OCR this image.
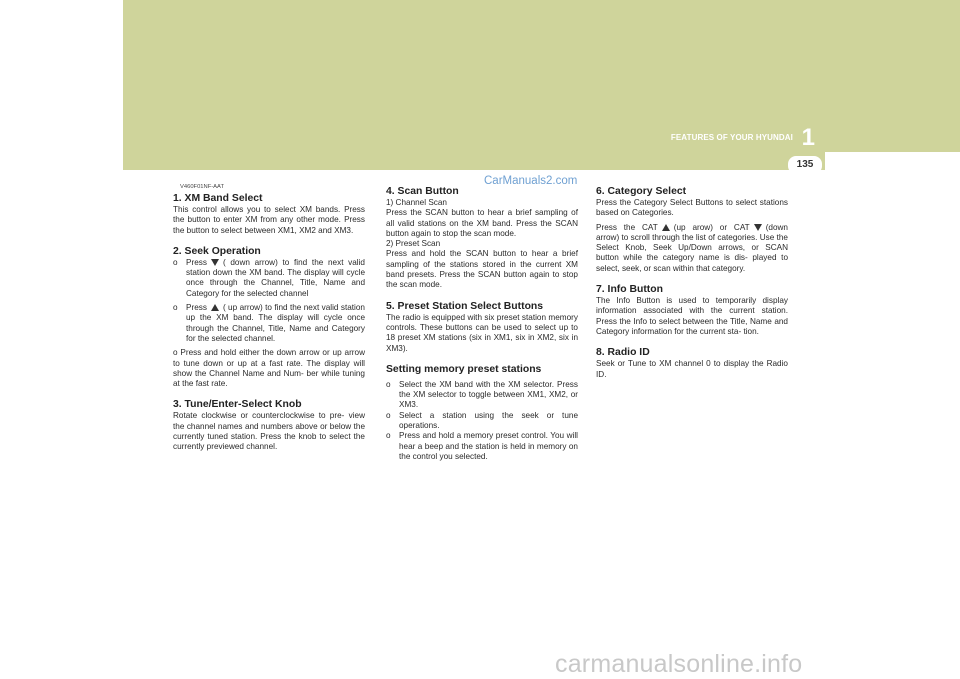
FEATURES OF YOUR HYUNDAI 1
135
CarManuals2.com
carmanualsonline.info
V460F01NF-AAT
1. XM Band Select

This control allows you to select XM bands. Press the button to enter XM from any other mode. Press the button to select between XM1, XM2 and XM3.

2. Seek Operation
o	Press ( down arrow) to find the next valid station down the XM band. The display will cycle once through the Channel, Title, Name and Category for the selected channel
o	Press ( up arrow) to find the next valid station up the XM band. The display will cycle once through the Channel, Title, Name and Category for the selected channel.

o Press and hold either the down arrow or up arrow to tune down or up at a fast rate. The display will show the Channel Name and Num- ber while tuning at the fast rate.

3. Tune/Enter-Select Knob

Rotate clockwise or counterclockwise to pre- view the channel names and numbers above or below the currently tuned station. Press the knob to select the currently previewed channel.

4. Scan Button

1) Channel Scan

Press the SCAN button to hear a brief sampling of all valid stations on the XM band. Press the SCAN button again to stop the scan mode.

2) Preset Scan

Press and hold the SCAN button to hear a brief sampling of the stations stored in the current XM band presets. Press the SCAN button again to stop the scan mode.

5. Preset Station Select Buttons

The radio is equipped with six preset station memory controls. These buttons can be used to select up to 18 preset XM stations (six in XM1, six in XM2, six in XM3).

Setting memory preset stations
o	Select the XM band with the XM selector. Press the XM selector to toggle between XM1, XM2, or XM3.
o	Select a station using the seek or tune operations.
o	Press and hold a memory preset control. You will hear a beep and the station is held in memory on the control you selected.
6. Category Select

Press the Category Select Buttons to select stations based on Categories.

Press the CAT (up arow) or CAT (down arrow) to scroll through the list of categories. Use the Select Knob, Seek Up/Down arrows, or SCAN button while the category name is dis- played to select, seek, or scan within that category.

7. Info Button

The Info Button is used to temporarily display information associated with the current station. Press the Info to select between the Title, Name and Category information for the current sta- tion.

8. Radio ID

Seek or Tune to XM channel 0 to display the Radio ID.
